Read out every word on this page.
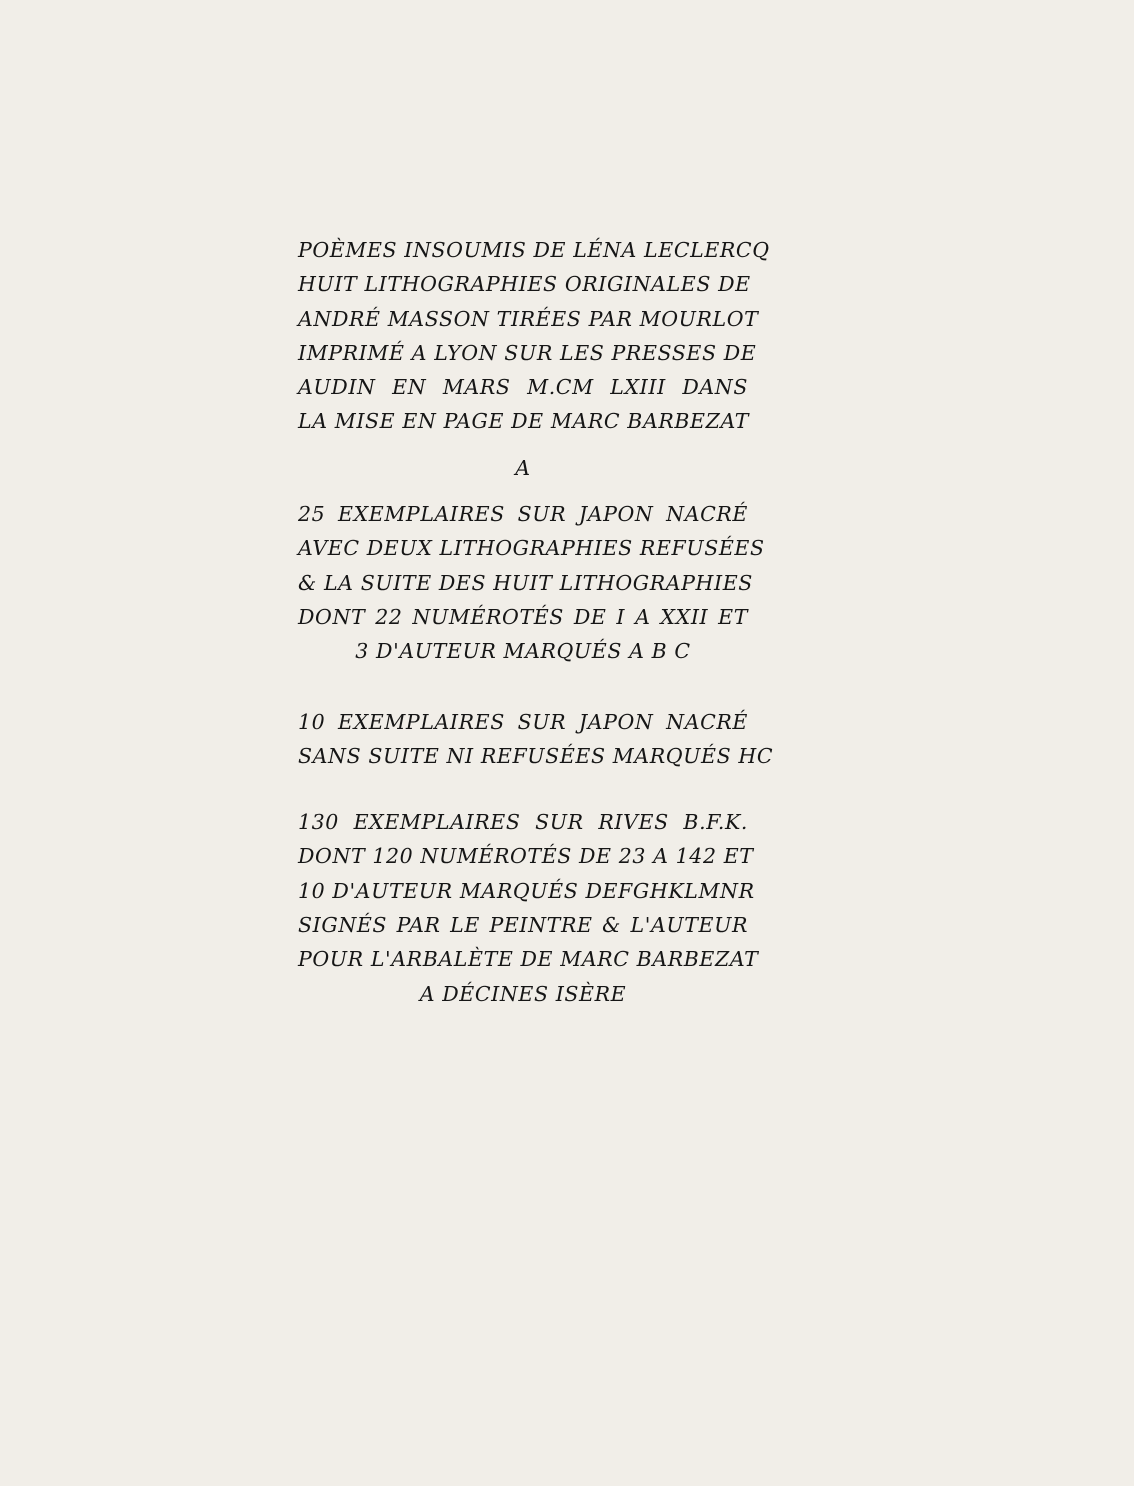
POÈMES INSOUMIS DE LÉNA LECLERCQ
HUIT LITHOGRAPHIES ORIGINALES DE
ANDRÉ MASSON TIRÉES PAR MOURLOT
IMPRIMÉ A LYON SUR LES PRESSES DE
AUDIN EN MARS M.CM LXIII DANS
LA MISE EN PAGE DE MARC BARBEZAT
A
25 EXEMPLAIRES SUR JAPON NACRÉ
AVEC DEUX LITHOGRAPHIES REFUSÉES
& LA SUITE DES HUIT LITHOGRAPHIES
DONT 22 NUMÉROTÉS DE I A XXII ET
3 D'AUTEUR MARQUÉS A B C
10 EXEMPLAIRES SUR JAPON NACRÉ
SANS SUITE NI REFUSÉES MARQUÉS HC
130 EXEMPLAIRES SUR RIVES B.F.K.
DONT 120 NUMÉROTÉS DE 23 A 142 ET
10 D'AUTEUR MARQUÉS DEFGHKLMNR
SIGNÉS PAR LE PEINTRE & L'AUTEUR
POUR L'ARBALÈTE DE MARC BARBEZAT
A DÉCINES ISÈRE
